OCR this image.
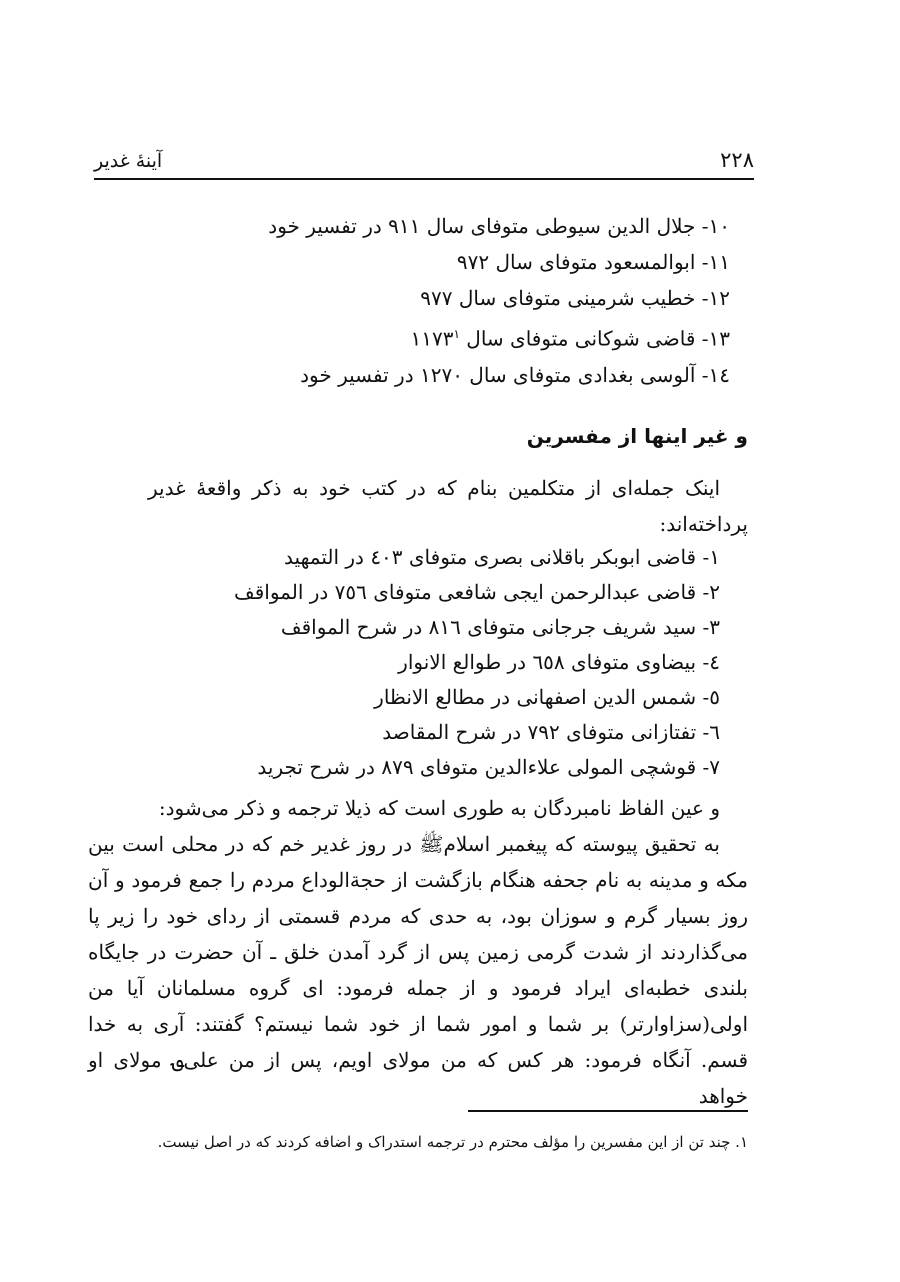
۲۲۸
آینهٔ غدیر
۱۰- جلال الدین سیوطی متوفای سال ۹۱۱ در تفسیر خود
۱۱- ابوالمسعود متوفای سال ۹۷۲
۱۲- خطیب شرمینی متوفای سال ۹۷۷
۱۳- قاضی شوکانی متوفای سال ۱۱۷۳$^۱$
۱٤- آلوسی بغدادی متوفای سال ۱۲۷۰ در تفسیر خود
و غیر اینها از مفسرین
اینک جمله‌ای از متکلمین بنام که در کتب خود به ذکر واقعهٔ غدیر پرداخته‌اند:
۱- قاضی ابوبکر باقلانی بصری متوفای ٤۰۳ در التمهید
۲- قاضی عبدالرحمن ایجی شافعی متوفای ۷٥٦ در المواقف
۳- سید شریف جرجانی متوفای ۸۱٦ در شرح المواقف
٤- بیضاوی متوفای ٦٥۸ در طوالع الانوار
٥- شمس الدین اصفهانی در مطالع الانظار
٦- تفتازانی متوفای ۷۹۲ در شرح المقاصد
۷- قوشچی المولی علاءالدین متوفای ۸۷۹ در شرح تجرید
و عین الفاظ نامبردگان به طوری است که ذیلا ترجمه و ذکر می‌شود:
به تحقیق پیوسته که پیغمبر اسلامﷺ در روز غدیر خم که در محلی است بین مکه و مدینه به نام جحفه هنگام بازگشت از حجةالوداع مردم را جمع فرمود و آن روز بسیار گرم و سوزان بود، به حدی که مردم قسمتی از ردای خود را زیر پا می‌گذاردند از شدت گرمی زمین پس از گرد آمدن خلق ـ آن حضرت در جایگاه بلندی خطبه‌ای ایراد فرمود و از جمله فرمود: ای گروه مسلمانان آیا من اولی(سزاوارتر) بر شما و امور شما از خود شما نیستم؟ گفتند: آری به خدا قسم. آنگاه فرمود: هر کس که من مولای اویم، پس از من علی؈ مولای او خواهد
۱. چند تن از این مفسرین را مؤلف محترم در ترجمه استدراک و اضافه کردند که در اصل نیست.
